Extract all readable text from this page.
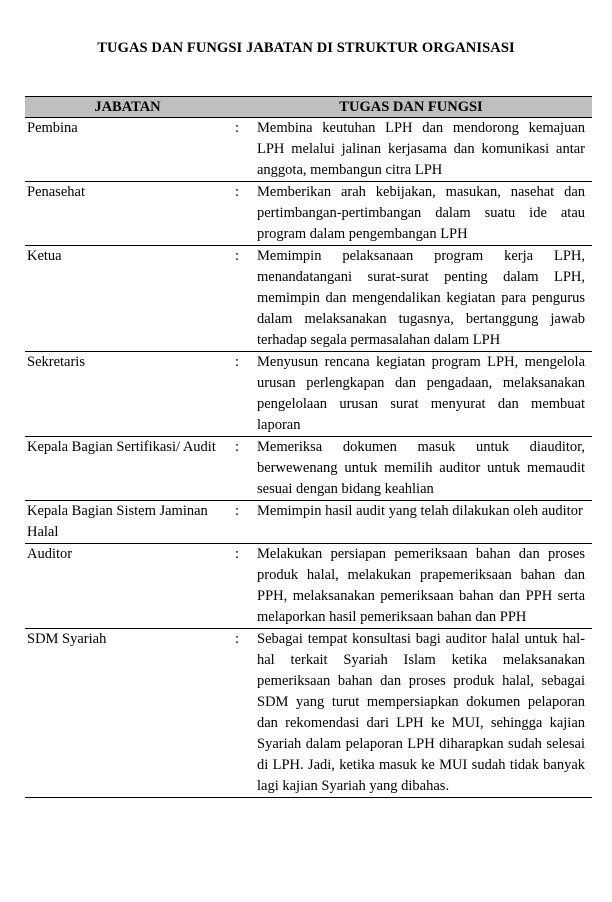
TUGAS DAN FUNGSI JABATAN DI STRUKTUR ORGANISASI
JABATAN	TUGAS DAN FUNGSI	
Pembina	:	Membina keutuhan LPH dan mendorong kemajuan LPH melalui jalinan kerjasama dan komunikasi antar anggota, membangun citra LPH

Penasehat	:	Memberikan arah kebijakan, masukan, nasehat dan pertimbangan-pertimbangan dalam suatu ide atau program dalam pengembangan LPH

Ketua	:	Memimpin pelaksanaan program kerja LPH, menandatangani surat-surat penting dalam LPH, memimpin dan mengendalikan kegiatan para pengurus dalam melaksanakan tugasnya, bertanggung jawab terhadap segala permasalahan dalam LPH

Sekretaris	:	Menyusun rencana kegiatan program LPH, mengelola urusan perlengkapan dan pengadaan, melaksanakan pengelolaan urusan surat menyurat dan membuat laporan

Kepala Bagian Sertifikasi/ Audit	:	Memeriksa dokumen masuk untuk diauditor, berwewenang untuk memilih auditor untuk memaudit sesuai dengan bidang keahlian

Kepala Bagian Sistem Jaminan Halal	:	Memimpin hasil audit yang telah dilakukan oleh auditor

Auditor	:	Melakukan persiapan pemeriksaan bahan dan proses produk halal, melakukan prapemeriksaan bahan dan PPH, melaksanakan pemeriksaan bahan dan PPH serta melaporkan hasil pemeriksaan bahan dan PPH

SDM Syariah	:	Sebagai tempat konsultasi bagi auditor halal untuk hal-hal terkait Syariah Islam ketika melaksanakan pemeriksaan bahan dan proses produk halal, sebagai SDM yang turut mempersiapkan dokumen pelaporan dan rekomendasi dari LPH ke MUI, sehingga kajian Syariah dalam pelaporan LPH diharapkan sudah selesai di LPH. Jadi, ketika masuk ke MUI sudah tidak banyak lagi kajian Syariah yang dibahas.
